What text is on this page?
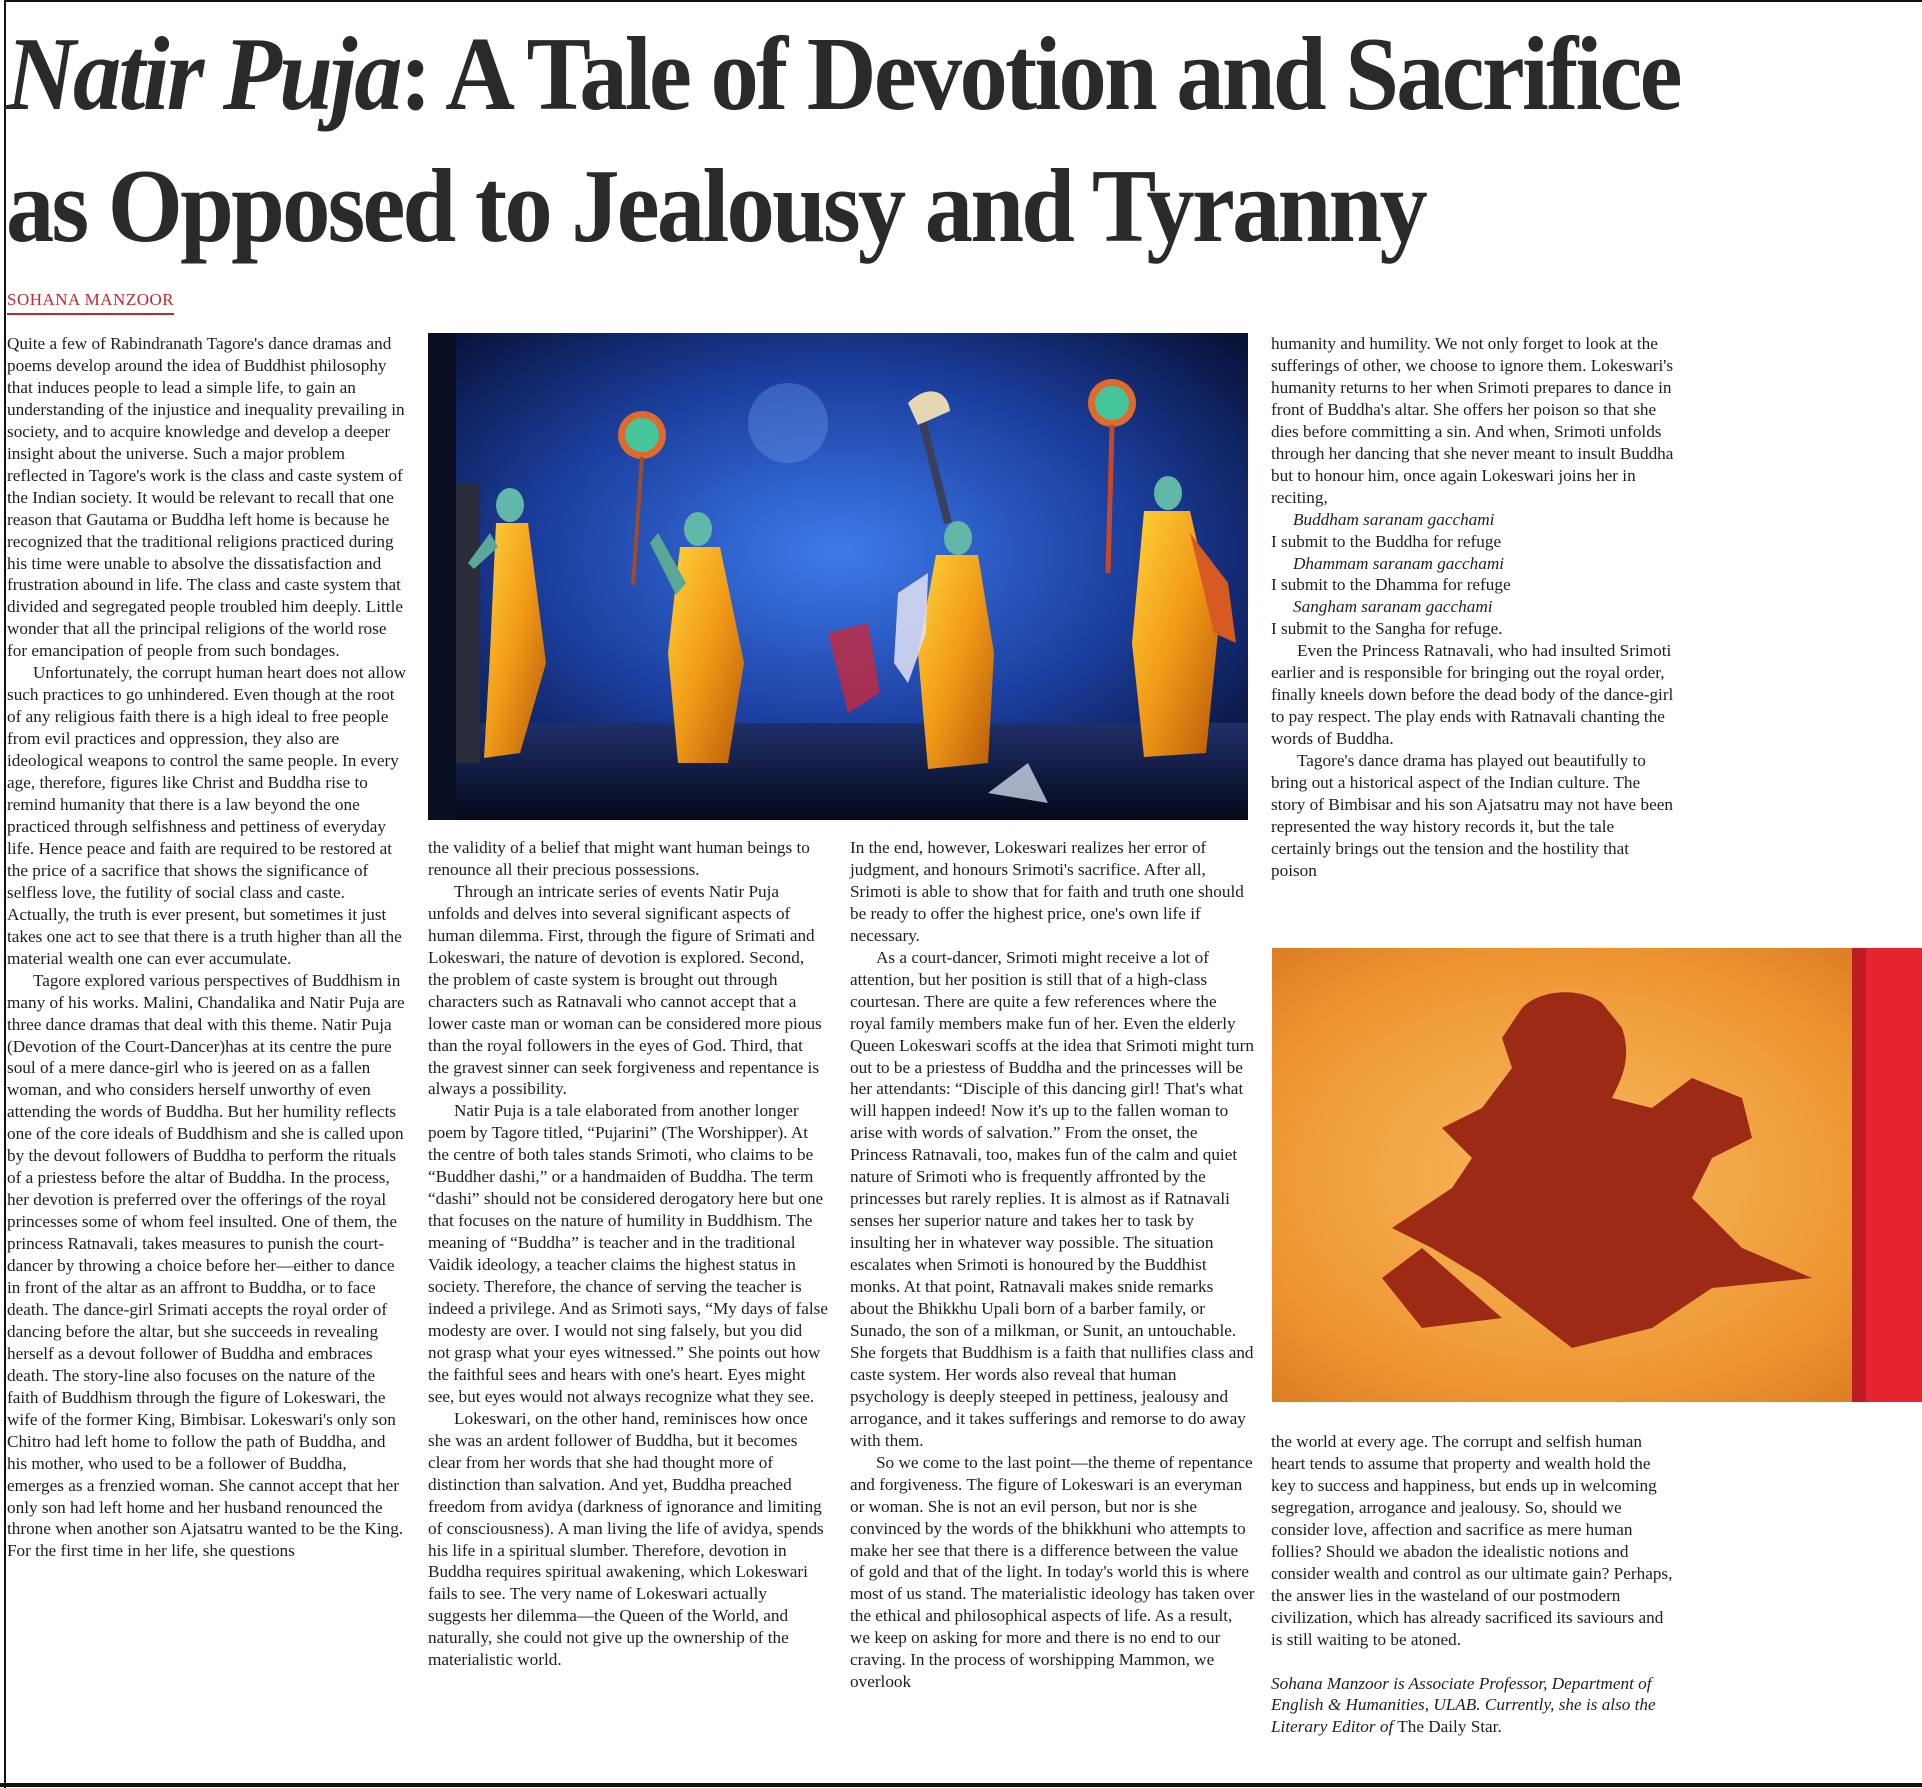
Natir Puja: A Tale of Devotion and Sacrifice as Opposed to Jealousy and Tyranny
SOHANA MANZOOR

Quite a few of Rabindranath Tagore's dance dramas and poems develop around the idea of Buddhist philosophy that induces people to lead a simple life, to gain an understanding of the injustice and inequality prevailing in society, and to acquire knowledge and develop a deeper insight about the universe. Such a major problem reflected in Tagore's work is the class and caste system of the Indian society. It would be relevant to recall that one reason that Gautama or Buddha left home is because he recognized that the traditional religions practiced during his time were unable to absolve the dissatisfaction and frustration abound in life. The class and caste system that divided and segregated people troubled him deeply. Little wonder that all the principal religions of the world rose for emancipation of people from such bondages.

Unfortunately, the corrupt human heart does not allow such practices to go unhindered. Even though at the root of any religious faith there is a high ideal to free people from evil practices and oppression, they also are ideological weapons to control the same people. In every age, therefore, figures like Christ and Buddha rise to remind humanity that there is a law beyond the one practiced through selfishness and pettiness of everyday life. Hence peace and faith are required to be restored at the price of a sacrifice that shows the significance of selfless love, the futility of social class and caste. Actually, the truth is ever present, but sometimes it just takes one act to see that there is a truth higher than all the material wealth one can ever accumulate.

Tagore explored various perspectives of Buddhism in many of his works. Malini, Chandalika and Natir Puja are three dance dramas that deal with this theme. Natir Puja (Devotion of the Court-Dancer)has at its centre the pure soul of a mere dance-girl who is jeered on as a fallen woman, and who considers herself unworthy of even attending the words of Buddha. But her humility reflects one of the core ideals of Buddhism and she is called upon by the devout followers of Buddha to perform the rituals of a priestess before the altar of Buddha. In the process, her devotion is preferred over the offerings of the royal princesses some of whom feel insulted. One of them, the princess Ratnavali, takes measures to punish the court-dancer by throwing a choice before her—either to dance in front of the altar as an affront to Buddha, or to face death. The dance-girl Srimati accepts the royal order of dancing before the altar, but she succeeds in revealing herself as a devout follower of Buddha and embraces death. The story-line also focuses on the nature of the faith of Buddhism through the figure of Lokeswari, the wife of the former King, Bimbisar. Lokeswari's only son Chitro had left home to follow the path of Buddha, and his mother, who used to be a follower of Buddha, emerges as a frenzied woman. She cannot accept that her only son had left home and her husband renounced the throne when another son Ajatsatru wanted to be the King. For the first time in her life, she questions

the validity of a belief that might want human beings to renounce all their precious possessions.

Through an intricate series of events Natir Puja unfolds and delves into several significant aspects of human dilemma. First, through the figure of Srimati and Lokeswari, the nature of devotion is explored. Second, the problem of caste system is brought out through characters such as Ratnavali who cannot accept that a lower caste man or woman can be considered more pious than the royal followers in the eyes of God. Third, that the gravest sinner can seek forgiveness and repentance is always a possibility.

Natir Puja is a tale elaborated from another longer poem by Tagore titled, “Pujarini” (The Worshipper). At the centre of both tales stands Srimoti, who claims to be “Buddher dashi,” or a handmaiden of Buddha. The term “dashi” should not be considered derogatory here but one that focuses on the nature of humility in Buddhism. The meaning of “Buddha” is teacher and in the traditional Vaidik ideology, a teacher claims the highest status in society. Therefore, the chance of serving the teacher is indeed a privilege. And as Srimoti says, “My days of false modesty are over. I would not sing falsely, but you did not grasp what your eyes witnessed.” She points out how the faithful sees and hears with one's heart. Eyes might see, but eyes would not always recognize what they see.

Lokeswari, on the other hand, reminisces how once she was an ardent follower of Buddha, but it becomes clear from her words that she had thought more of distinction than salvation. And yet, Buddha preached freedom from avidya (darkness of ignorance and limiting of consciousness). A man living the life of avidya, spends his life in a spiritual slumber. Therefore, devotion in Buddha requires spiritual awakening, which Lokeswari fails to see. The very name of Lokeswari actually suggests her dilemma—the Queen of the World, and naturally, she could not give up the ownership of the materialistic world.

In the end, however, Lokeswari realizes her error of judgment, and honours Srimoti's sacrifice. After all, Srimoti is able to show that for faith and truth one should be ready to offer the highest price, one's own life if necessary.

As a court-dancer, Srimoti might receive a lot of attention, but her position is still that of a high-class courtesan. There are quite a few references where the royal family members make fun of her. Even the elderly Queen Lokeswari scoffs at the idea that Srimoti might turn out to be a priestess of Buddha and the princesses will be her attendants: “Disciple of this dancing girl! That's what will happen indeed! Now it's up to the fallen woman to arise with words of salvation.” From the onset, the Princess Ratnavali, too, makes fun of the calm and quiet nature of Srimoti who is frequently affronted by the princesses but rarely replies. It is almost as if Ratnavali senses her superior nature and takes her to task by insulting her in whatever way possible. The situation escalates when Srimoti is honoured by the Buddhist monks. At that point, Ratnavali makes snide remarks about the Bhikkhu Upali born of a barber family, or Sunado, the son of a milkman, or Sunit, an untouchable. She forgets that Buddhism is a faith that nullifies class and caste system. Her words also reveal that human psychology is deeply steeped in pettiness, jealousy and arrogance, and it takes sufferings and remorse to do away with them.

So we come to the last point—the theme of repentance and forgiveness. The figure of Lokeswari is an everyman or woman. She is not an evil person, but nor is she convinced by the words of the bhikkhuni who attempts to make her see that there is a difference between the value of gold and that of the light. In today's world this is where most of us stand. The materialistic ideology has taken over the ethical and philosophical aspects of life. As a result, we keep on asking for more and there is no end to our craving. In the process of worshipping Mammon, we overlook

humanity and humility. We not only forget to look at the sufferings of other, we choose to ignore them. Lokeswari's humanity returns to her when Srimoti prepares to dance in front of Buddha's altar. She offers her poison so that she dies before committing a sin. And when, Srimoti unfolds through her dancing that she never meant to insult Buddha but to honour him, once again Lokeswari joins her in reciting,

Buddham saranam gacchami

I submit to the Buddha for refuge

Dhammam saranam gacchami

I submit to the Dhamma for refuge

Sangham saranam gacchami

I submit to the Sangha for refuge.

Even the Princess Ratnavali, who had insulted Srimoti earlier and is responsible for bringing out the royal order, finally kneels down before the dead body of the dance-girl to pay respect. The play ends with Ratnavali chanting the words of Buddha.

Tagore's dance drama has played out beautifully to bring out a historical aspect of the Indian culture. The story of Bimbisar and his son Ajatsatru may not have been represented the way history records it, but the tale certainly brings out the tension and the hostility that poison

the world at every age. The corrupt and selfish human heart tends to assume that property and wealth hold the key to success and happiness, but ends up in welcoming segregation, arrogance and jealousy. So, should we consider love, affection and sacrifice as mere human follies? Should we abadon the idealistic notions and consider wealth and control as our ultimate gain? Perhaps, the answer lies in the wasteland of our postmodern civilization, which has already sacrificed its saviours and is still waiting to be atoned.

Sohana Manzoor is Associate Professor, Department of English & Humanities, ULAB. Currently, she is also the Literary Editor of The Daily Star.
